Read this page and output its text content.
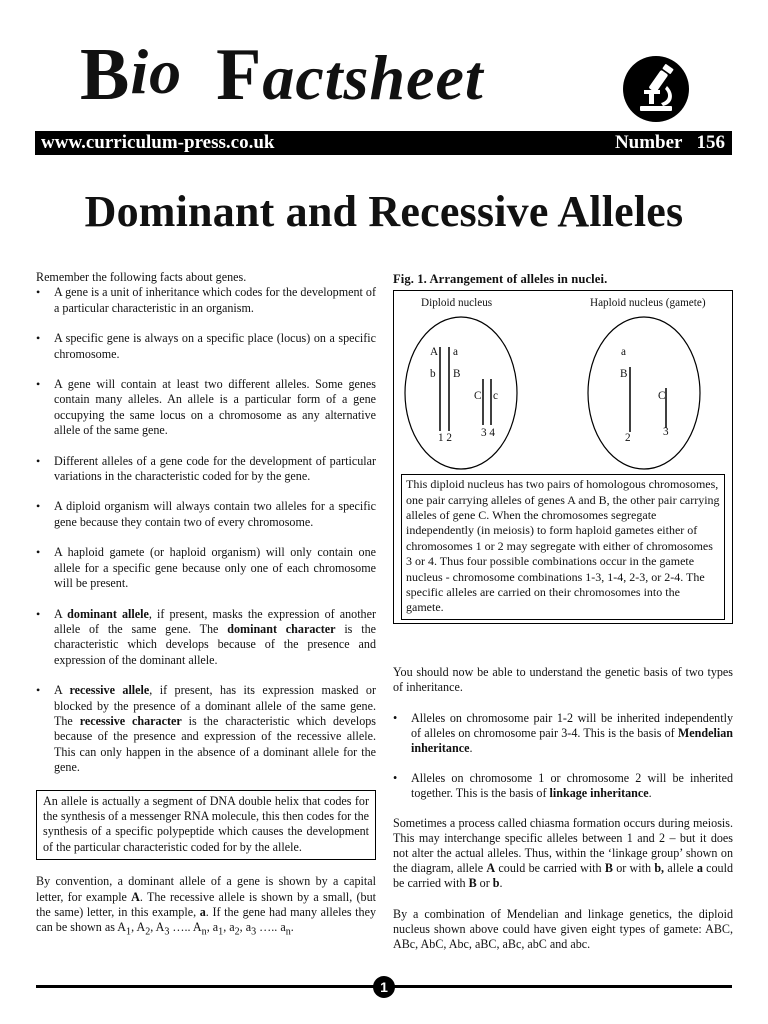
Bio Factsheet
www.curriculum-press.co.uk	Number 156
Dominant and Recessive Alleles

Remember the following facts about genes.

• A gene is a unit of inheritance which codes for the development of a particular characteristic in an organism.
• A specific gene is always on a specific place (locus) on a specific chromosome.
• A gene will contain at least two different alleles. Some genes contain many alleles. An allele is a particular form of a gene occupying the same locus on a chromosome as any alternative allele of the same gene.
• Different alleles of a gene code for the development of particular variations in the characteristic coded for by the gene.
• A diploid organism will always contain two alleles for a specific gene because they contain two of every chromosome.
• A haploid gamete (or haploid organism) will only contain one allele for a specific gene because only one of each chromosome will be present.
• A dominant allele, if present, masks the expression of another allele of the same gene. The dominant character is the characteristic which develops because of the presence and expression of the dominant allele.
• A recessive allele, if present, has its expression masked or blocked by the presence of a dominant allele of the same gene. The recessive character is the characteristic which develops because of the presence and expression of the recessive allele. This can only happen in the absence of a dominant allele for the gene.
An allele is actually a segment of DNA double helix that codes for the synthesis of a messenger RNA molecule, this then codes for the synthesis of a specific polypeptide which causes the development of the particular characteristic coded for by the allele.

By convention, a dominant allele of a gene is shown by a capital letter, for example A. The recessive allele is shown by a small, (but the same) letter, in this example, a. If the gene had many alleles they can be shown as $A_1$, $A_2$, $A_3$ ….. $A_n$, $a_1$, $a_2$, $a_3$ ….. $a_n$.

Fig. 1. Arrangement of alleles in nuclei.
Diploid nucleus	Haploid nucleus (gamete)
A a
b B
C c
1 2	3 4
a
B
C
2	3
This diploid nucleus has two pairs of homologous chromosomes, one pair carrying alleles of genes A and B, the other pair carrying alleles of gene C. When the chromosomes segregate independently (in meiosis) to form haploid gametes either of chromosomes 1 or 2 may segregate with either of chromosomes 3 or 4. Thus four possible combinations occur in the gamete nucleus - chromosome combinations 1-3, 1-4, 2-3, or 2-4. The specific alleles are carried on their chromosomes into the gamete.

You should now be able to understand the genetic basis of two types of inheritance.

• Alleles on chromosome pair 1-2 will be inherited independently of alleles on chromosome pair 3-4. This is the basis of Mendelian inheritance.
• Alleles on chromosome 1 or chromosome 2 will be inherited together. This is the basis of linkage inheritance.

Sometimes a process called chiasma formation occurs during meiosis. This may interchange specific alleles between 1 and 2 – but it does not alter the actual alleles. Thus, within the ‘linkage group’ shown on the diagram, allele A could be carried with B or with b, allele a could be carried with B or b.

By a combination of Mendelian and linkage genetics, the diploid nucleus shown above could have given eight types of gamete: ABC, ABc, AbC, Abc, aBC, aBc, abC and abc.

1
